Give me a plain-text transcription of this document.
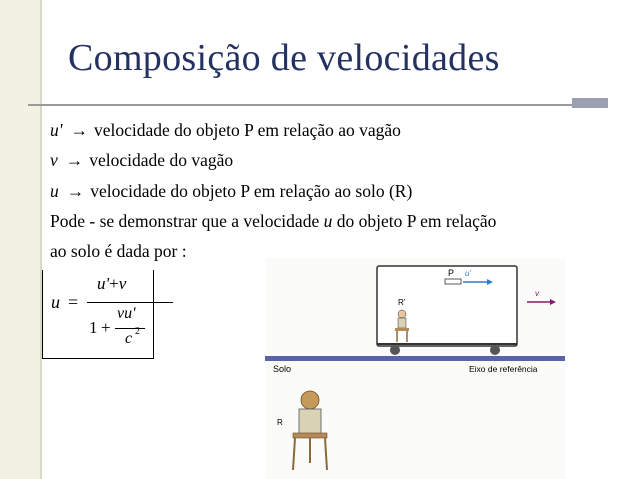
Composição de velocidades
u' → velocidade do objeto P em relação ao vagão
v → velocidade do vagão
u → velocidade do objeto P em relação ao solo (R)
Pode - se demonstrar que a velocidade u do objeto P em relação
ao solo é dada por :
u =
u'+v
1 +
vu'
c 2
P u'
R'
v
Solo	Eixo de referência
R
